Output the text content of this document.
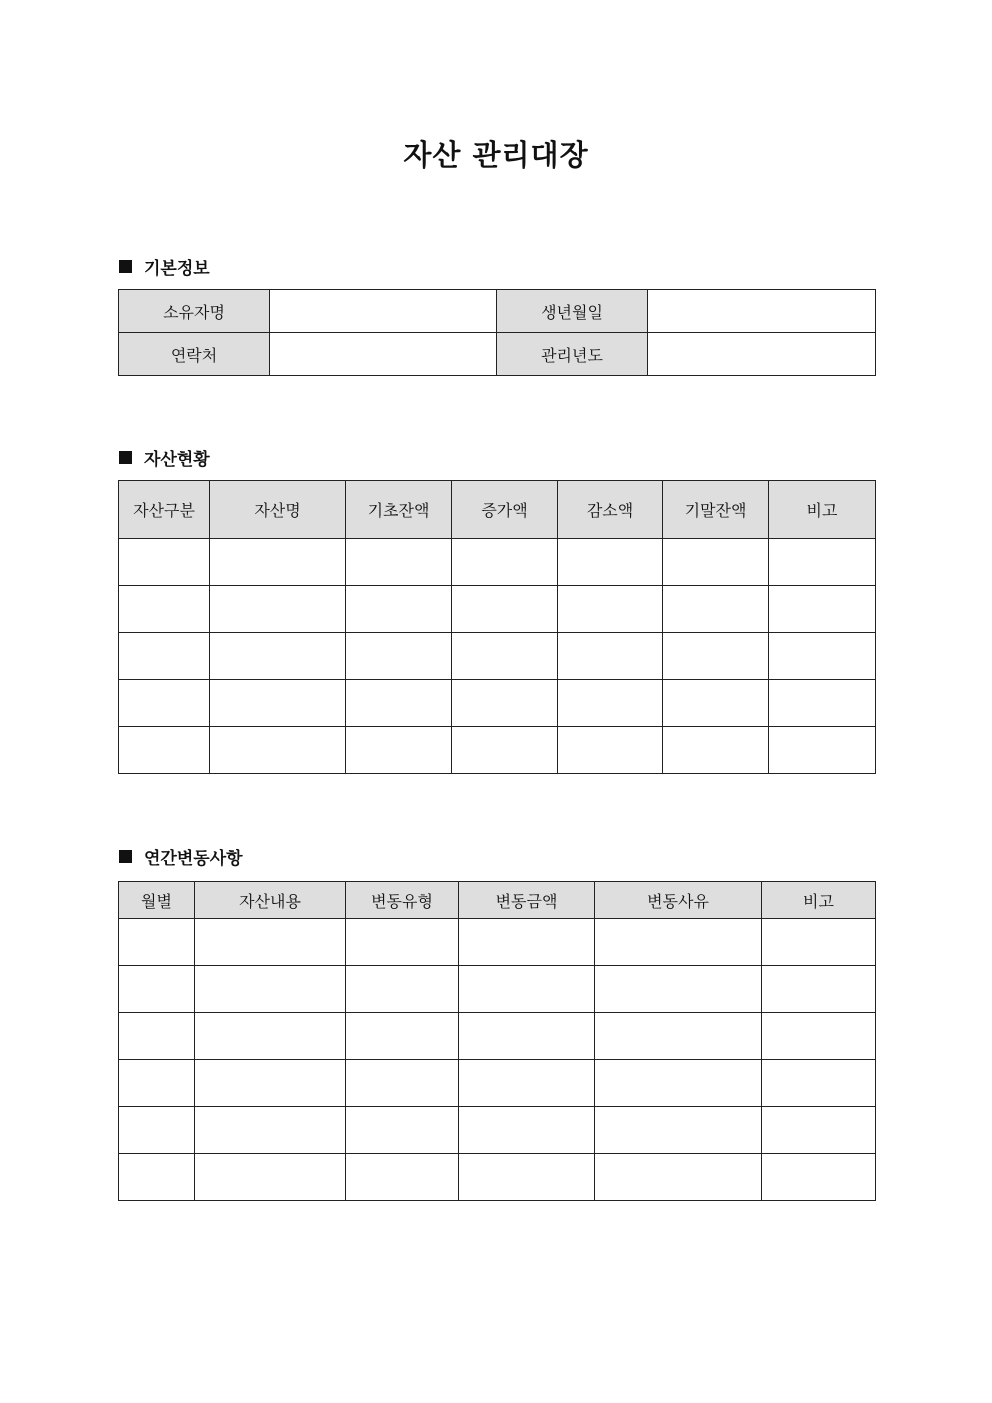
자산 관리대장
기본정보
소유자명		생년월일	
연락처		관리년도	
자산현황
자산구분	자산명	기초잔액	증가액	감소액	기말잔액	비고

연간변동사항
월별	자산내용	변동유형	변동금액	변동사유	비고
